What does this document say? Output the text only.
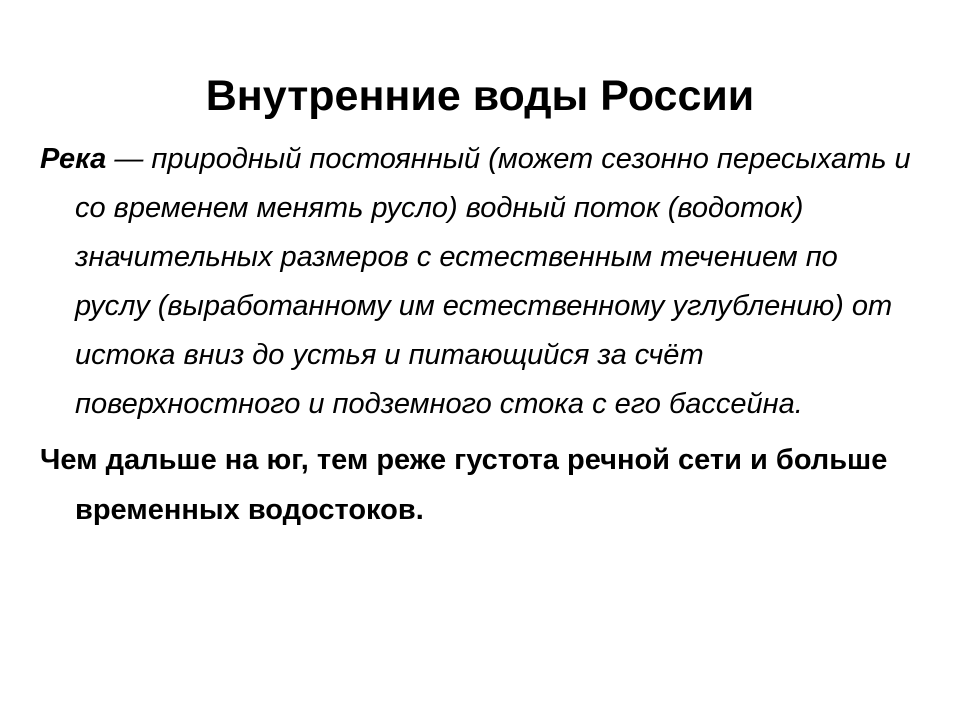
Внутренние воды России

Река — природный постоянный (может сезонно пересыхать и со временем менять русло) водный поток (водоток) значительных размеров с естественным течением по руслу (выработанному им естественному углублению) от истока вниз до устья и питающийся за счёт поверхностного и подземного стока с его бассейна.

Чем дальше на юг, тем реже густота речной сети и больше временных водостоков.
